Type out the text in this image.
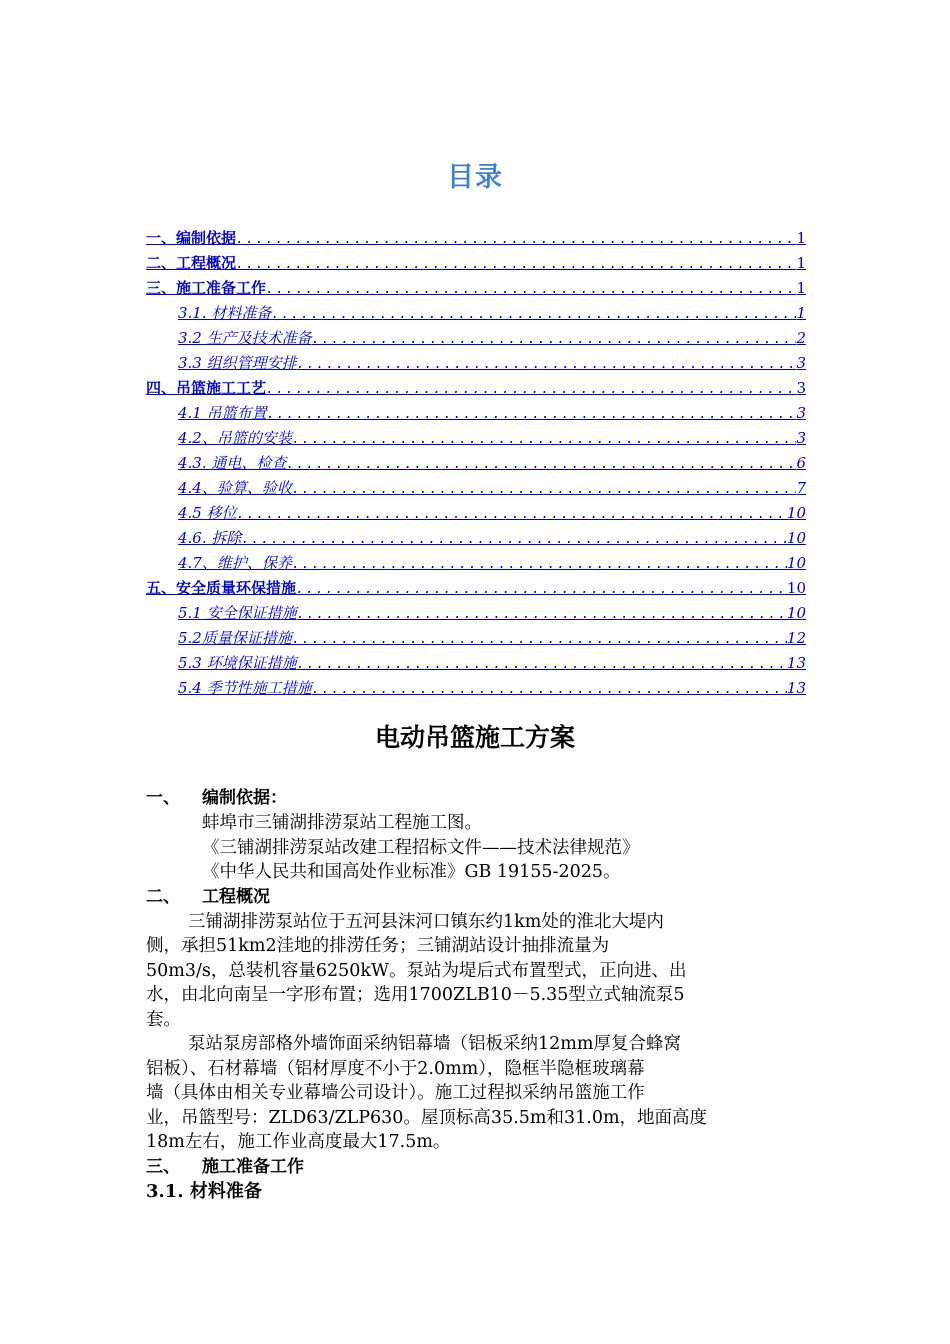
目录
一、编制依据 .....	1
二、工程概况 .....	1
三、施工准备工作 .....	1
3.1. 材料准备 .....	1
3.2 生产及技术准备 .....	2
3.3 组织管理安排 .....	3
四、吊篮施工工艺 .....	3
4.1 吊篮布置 .....	3
4.2、吊篮的安装 .....	3
4.3. 通电、检查 .....	6
4.4、验算、验收 .....	7
4.5 移位 .....	10
4.6. 拆除 .....	10
4.7、维护、保养 .....	10
五、安全质量环保措施 .....	10
5.1 安全保证措施 .....	10
5.2质量保证措施 .....	12
5.3 环境保证措施 .....	13
5.4 季节性施工措施 .....	13
电动吊篮施工方案
一、 编制依据：
蚌埠市三铺湖排涝泵站工程施工图。
《三铺湖排涝泵站改建工程招标文件——技术法律规范》
《中华人民共和国高处作业标准》GB 19155-2025。
二、 工程概况
三铺湖排涝泵站位于五河县沫河口镇东约1km处的淮北大堤内
侧，承担51km2洼地的排涝任务；三铺湖站设计抽排流量为
50m3/s，总装机容量6250kW。泵站为堤后式布置型式，正向进、出
水，由北向南呈一字形布置；选用1700ZLB10－5.35型立式轴流泵5
套。
泵站泵房部格外墙饰面采纳铝幕墙（铝板采纳12mm厚复合蜂窝
铝板）、石材幕墙（铝材厚度不小于2.0mm），隐框半隐框玻璃幕
墙（具体由相关专业幕墙公司设计）。施工过程拟采纳吊篮施工作
业，吊篮型号：ZLD63/ZLP630。屋顶标高35.5m和31.0m，地面高度
18m左右，施工作业高度最大17.5m。
三、 施工准备工作
3.1. 材料准备
